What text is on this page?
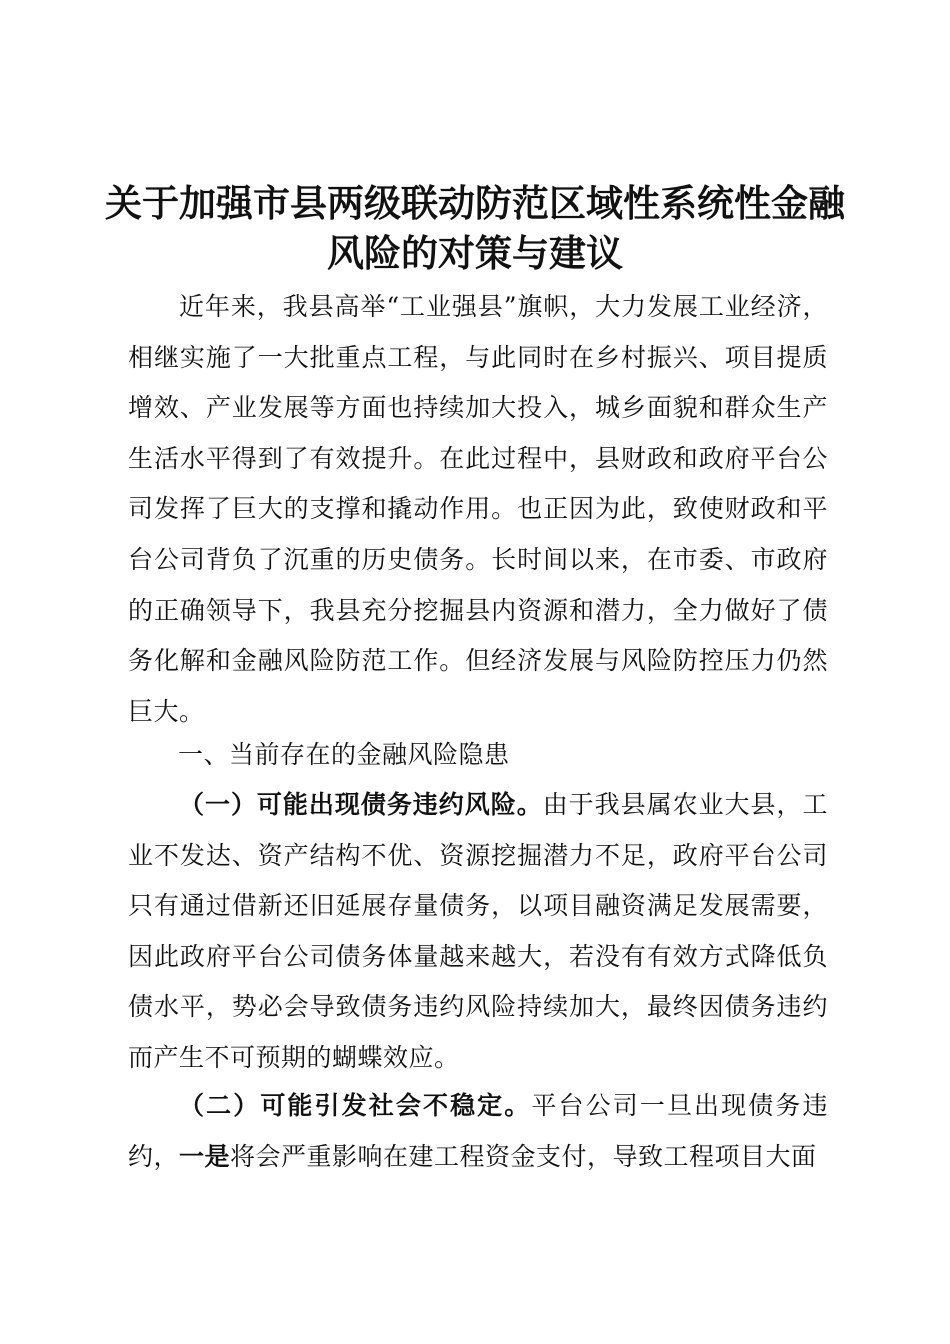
关于加强市县两级联动防范区域性系统性金融
风险的对策与建议

近年来，我县高举“工业强县”旗帜，大力发展工业经济，相继实施了一大批重点工程，与此同时在乡村振兴、项目提质增效、产业发展等方面也持续加大投入，城乡面貌和群众生产生活水平得到了有效提升。在此过程中，县财政和政府平台公司发挥了巨大的支撑和撬动作用。也正因为此，致使财政和平台公司背负了沉重的历史债务。长时间以来，在市委、市政府的正确领导下，我县充分挖掘县内资源和潜力，全力做好了债务化解和金融风险防范工作。但经济发展与风险防控压力仍然巨大。

一、当前存在的金融风险隐患

（一）可能出现债务违约风险。由于我县属农业大县，工业不发达、资产结构不优、资源挖掘潜力不足，政府平台公司只有通过借新还旧延展存量债务，以项目融资满足发展需要，因此政府平台公司债务体量越来越大，若没有有效方式降低负债水平，势必会导致债务违约风险持续加大，最终因债务违约而产生不可预期的蝴蝶效应。

（二）可能引发社会不稳定。平台公司一旦出现债务违约，一是将会严重影响在建工程资金支付，导致工程项目大面
